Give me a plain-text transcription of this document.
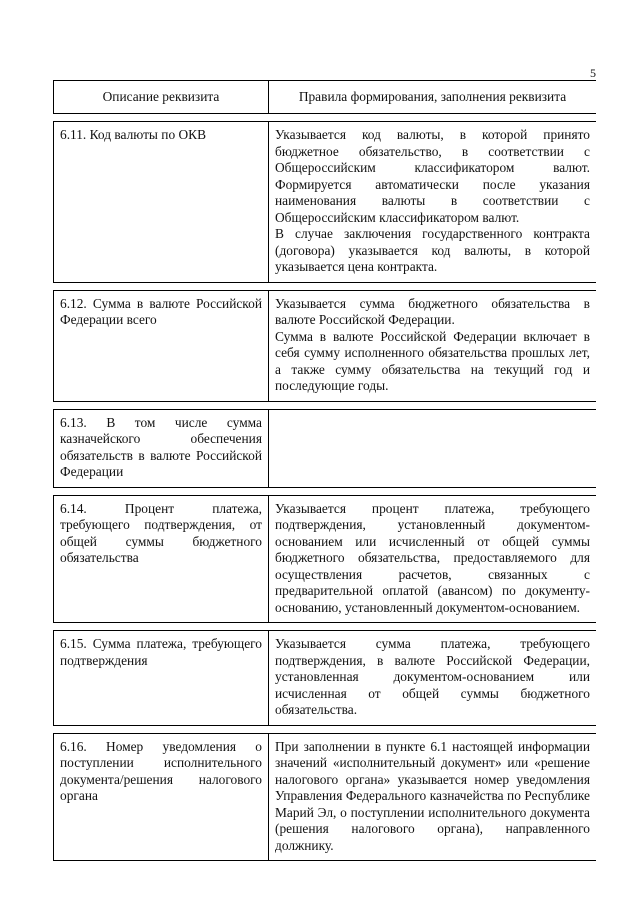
5
Описание реквизита	Правила формирования, заполнения реквизита

6.11. Код валюты по ОКВ	Указывается код валюты, в которой принято бюджетное обязательство, в соответствии с Общероссийским классификатором валют. Формируется автоматически после указания наименования валюты в соответствии с Общероссийским классификатором валют.
В случае заключения государственного контракта (договора) указывается код валюты, в которой указывается цена контракта.

6.12. Сумма в валюте Российской Федерации всего	Указывается сумма бюджетного обязательства в валюте Российской Федерации.
Сумма в валюте Российской Федерации включает в себя сумму исполненного обязательства прошлых лет, а также сумму обязательства на текущий год и последующие годы.

6.13. В том числе сумма казначейского обеспечения обязательств в валюте Российской Федерации	

6.14. Процент платежа, требующего подтверждения, от общей суммы бюджетного обязательства	Указывается процент платежа, требующего подтверждения, установленный документом-основанием или исчисленный от общей суммы бюджетного обязательства, предоставляемого для осуществления расчетов, связанных с предварительной оплатой (авансом) по документу-основанию, установленный документом-основанием.

6.15. Сумма платежа, требующего подтверждения	Указывается сумма платежа, требующего подтверждения, в валюте Российской Федерации, установленная документом-основанием или исчисленная от общей суммы бюджетного обязательства.

6.16. Номер уведомления о поступлении исполнительного документа/решения налогового органа	При заполнении в пункте 6.1 настоящей информации значений «исполнительный документ» или «решение налогового органа» указывается номер уведомления Управления Федерального казначейства по Республике Марий Эл, о поступлении исполнительного документа (решения налогового органа), направленного должнику.
